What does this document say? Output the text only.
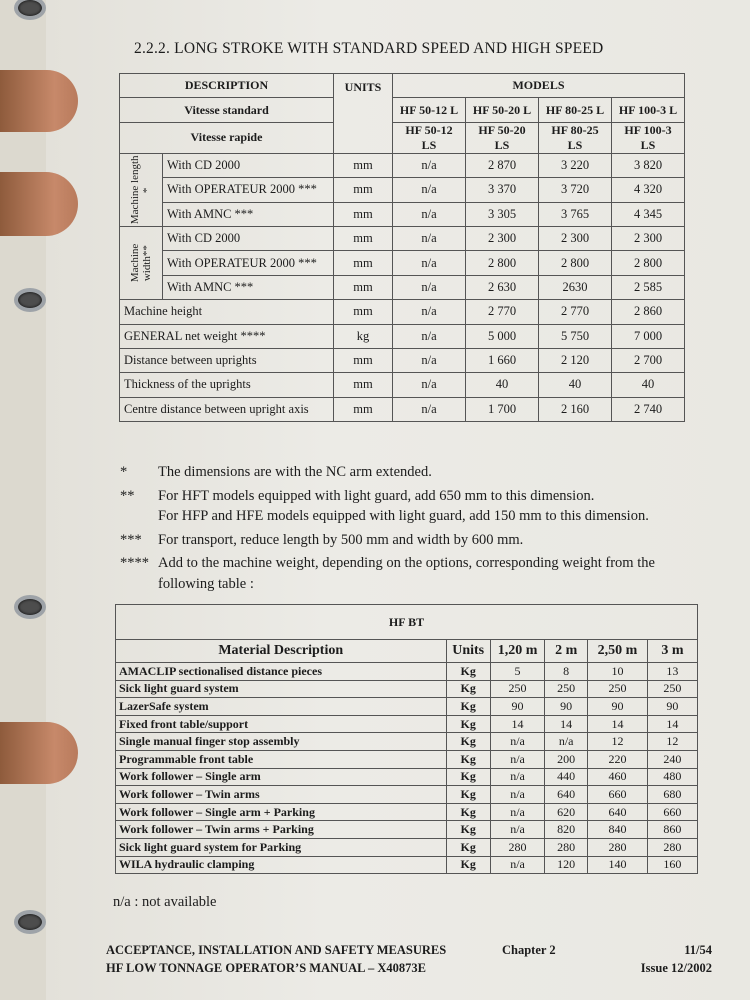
2.2.2. LONG STROKE WITH STANDARD SPEED AND HIGH SPEED
DESCRIPTION		UNITS	MODELS			
Vitesse standard			HF 50-12 L	HF 50-20 L	HF 80-25 L	HF 100-3 L
Vitesse rapide			HF 50-12 LS	HF 50-20 LS	HF 80-25 LS	HF 100-3 LS

Machine length *	With CD 2000	mm	n/a	2 870	3 220	3 820
	With OPERATEUR 2000 ***	mm	n/a	3 370	3 720	4 320
	With AMNC ***	mm	n/a	3 305	3 765	4 345

Machine width**	With CD 2000	mm	n/a	2 300	2 300	2 300
	With OPERATEUR 2000 ***	mm	n/a	2 800	2 800	2 800
	With AMNC ***	mm	n/a	2 630	2630	2 585
Machine height		mm	n/a	2 770	2 770	2 860
GENERAL net weight ****		kg	n/a	5 000	5 750	7 000
Distance between uprights		mm	n/a	1 660	2 120	2 700
Thickness of the uprights		mm	n/a	40	40	40
Centre distance between upright axis		mm	n/a	1 700	2 160	2 740
*	The dimensions are with the NC arm extended.
**	For HFT models equipped with light guard, add 650 mm to this dimension.
For HFP and HFE models equipped with light guard, add 150 mm to this dimension.
***	For transport, reduce length by 500 mm and width by 600 mm.
**** Add to the machine weight, depending on the options, corresponding weight from the following table :
HF BT					
Material Description	Units	1,20 m	2 m	2,50 m	3 m
AMACLIP sectionalised distance pieces	Kg	5	8	10	13
Sick light guard system	Kg	250	250	250	250
LazerSafe system	Kg	90	90	90	90
Fixed front table/support	Kg	14	14	14	14
Single manual finger stop assembly	Kg	n/a	n/a	12	12
Programmable front table	Kg	n/a	200	220	240
Work follower – Single arm	Kg	n/a	440	460	480
Work follower – Twin arms	Kg	n/a	640	660	680
Work follower – Single arm + Parking	Kg	n/a	620	640	660
Work follower – Twin arms + Parking	Kg	n/a	820	840	860
Sick light guard system for Parking	Kg	280	280	280	280
WILA hydraulic clamping	Kg	n/a	120	140	160
n/a : not available
ACCEPTANCE, INSTALLATION AND SAFETY MEASURES
HF LOW TONNAGE OPERATOR’S MANUAL – X40873E
Chapter 2	11/54
Issue 12/2002
